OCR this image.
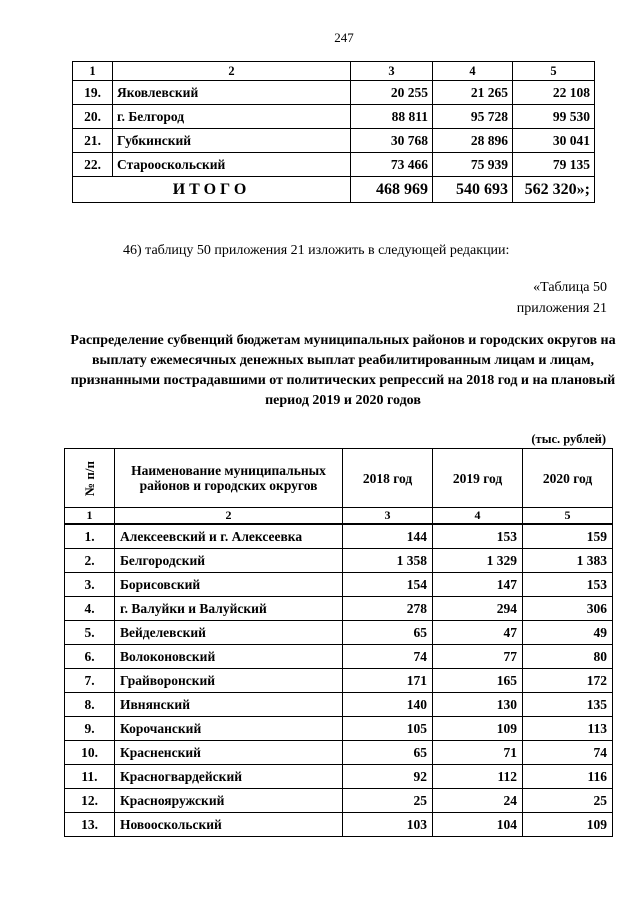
247
1	2	3	4	5
19.	Яковлевский	20 255	21 265	22 108
20.	г. Белгород	88 811	95 728	99 530
21.	Губкинский	30 768	28 896	30 041
22.	Старооскольский	73 466	75 939	79 135
ИТОГО		468 969	540 693	562 320»;
46) таблицу 50 приложения 21 изложить в следующей редакции:
«Таблица 50
приложения 21
Распределение субвенций бюджетам муниципальных районов и городских округов на выплату ежемесячных денежных выплат реабилитированным лицам и лицам, признанными пострадавшими от политических репрессий на 2018 год и на плановый период 2019 и 2020 годов
(тыс. рублей)
№ п/п	Наименование муниципальных районов и городских округов	2018 год	2019 год	2020 год
1	2	3	4	5
1.	Алексеевский и г. Алексеевка	144	153	159
2.	Белгородский	1 358	1 329	1 383
3.	Борисовский	154	147	153
4.	г. Валуйки и Валуйский	278	294	306
5.	Вейделевский	65	47	49
6.	Волоконовский	74	77	80
7.	Грайворонский	171	165	172
8.	Ивнянский	140	130	135
9.	Корочанский	105	109	113
10.	Красненский	65	71	74
11.	Красногвардейский	92	112	116
12.	Краснояружский	25	24	25
13.	Новооскольский	103	104	109
